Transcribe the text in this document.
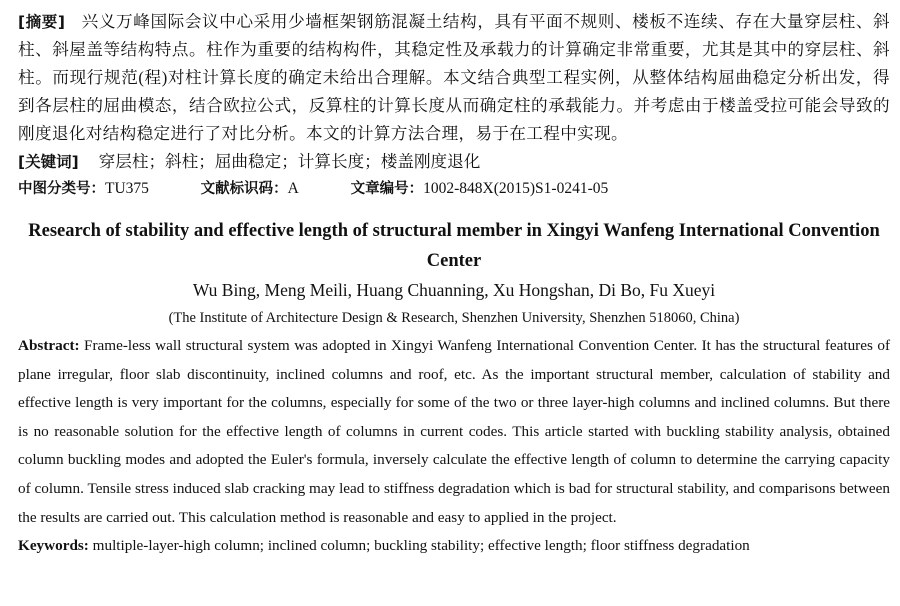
[摘要] 兴义万峰国际会议中心采用少墙框架钢筋混凝土结构，具有平面不规则、楼板不连续、存在大量穿层柱、斜柱、斜屋盖等结构特点。柱作为重要的结构构件，其稳定性及承载力的计算确定非常重要，尤其是其中的穿层柱、斜柱。而现行规范(程)对柱计算长度的确定未给出合理解。本文结合典型工程实例，从整体结构屈曲稳定分析出发，得到各层柱的屈曲模态，结合欧拉公式，反算柱的计算长度从而确定柱的承载能力。并考虑由于楼盖受拉可能会导致的刚度退化对结构稳定进行了对比分析。本文的计算方法合理，易于在工程中实现。
[关键词] 穿层柱；斜柱；屈曲稳定；计算长度；楼盖刚度退化
中图分类号：TU375	文献标识码：A	文章编号：1002-848X(2015)S1-0241-05
Research of stability and effective length of structural member in Xingyi Wanfeng International Convention Center
Wu Bing, Meng Meili, Huang Chuanning, Xu Hongshan, Di Bo, Fu Xueyi
(The Institute of Architecture Design & Research, Shenzhen University, Shenzhen 518060, China)
Abstract: Frame-less wall structural system was adopted in Xingyi Wanfeng International Convention Center. It has the structural features of plane irregular, floor slab discontinuity, inclined columns and roof, etc. As the important structural member, calculation of stability and effective length is very important for the columns, especially for some of the two or three layer-high columns and inclined columns. But there is no reasonable solution for the effective length of columns in current codes. This article started with buckling stability analysis, obtained column buckling modes and adopted the Euler's formula, inversely calculate the effective length of column to determine the carrying capacity of column. Tensile stress induced slab cracking may lead to stiffness degradation which is bad for structural stability, and comparisons between the results are carried out. This calculation method is reasonable and easy to applied in the project.
Keywords: multiple-layer-high column; inclined column; buckling stability; effective length; floor stiffness degradation
